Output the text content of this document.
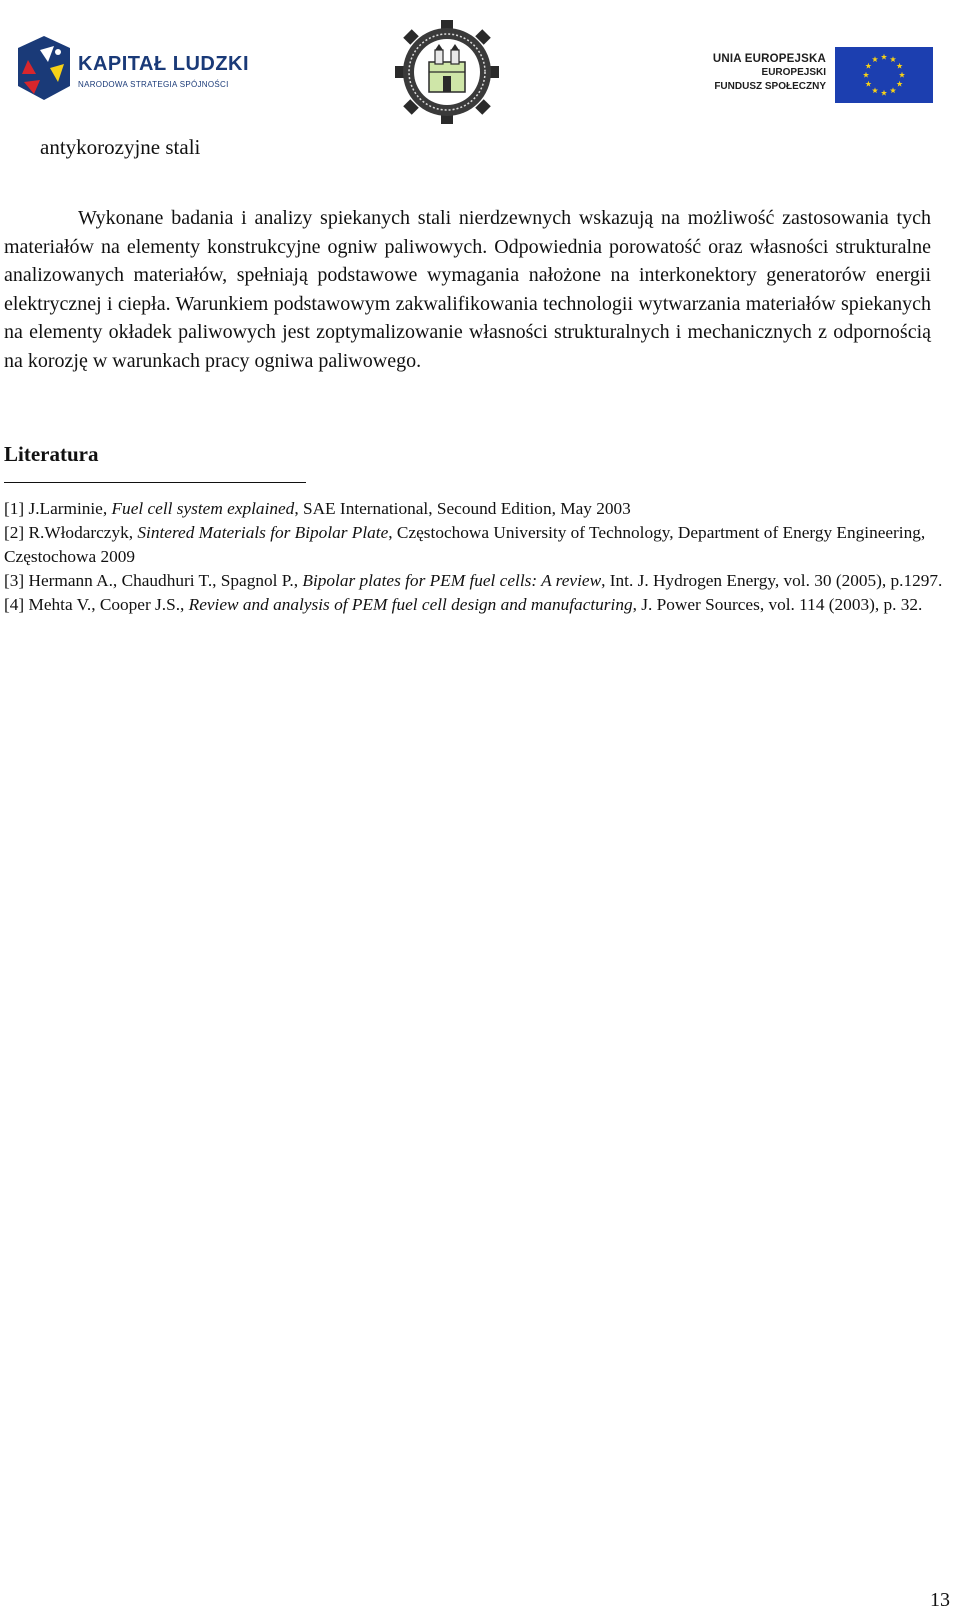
KAPITAŁ LUDZKI
NARODOWA STRATEGIA SPÓJNOŚCI
UNIA EUROPEJSKA
EUROPEJSKI
FUNDUSZ SPOŁECZNY
antykorozyjne stali
Wykonane badania i analizy spiekanych stali nierdzewnych wskazują na możliwość zastosowania tych materiałów na elementy konstrukcyjne ogniw paliwowych. Odpowiednia porowatość oraz własności strukturalne analizowanych materiałów, spełniają podstawowe wymagania nałożone na interkonektory generatorów energii elektrycznej i ciepła. Warunkiem podstawowym zakwalifikowania technologii wytwarzania materiałów spiekanych na elementy okładek paliwowych jest zoptymalizowanie własności strukturalnych i mechanicznych z odpornością na korozję w warunkach pracy ogniwa paliwowego.
Literatura

[1] J.Larminie, Fuel cell system explained, SAE International, Secound Edition, May 2003

[2] R.Włodarczyk, Sintered Materials for Bipolar Plate, Częstochowa University of Technology, Department of Energy Engineering, Częstochowa 2009

[3] Hermann A., Chaudhuri T., Spagnol P., Bipolar plates for PEM fuel cells: A review, Int. J. Hydrogen Energy, vol. 30 (2005), p.1297.

[4] Mehta V., Cooper J.S., Review and analysis of PEM fuel cell design and manufacturing, J. Power Sources, vol. 114 (2003), p. 32.

13
